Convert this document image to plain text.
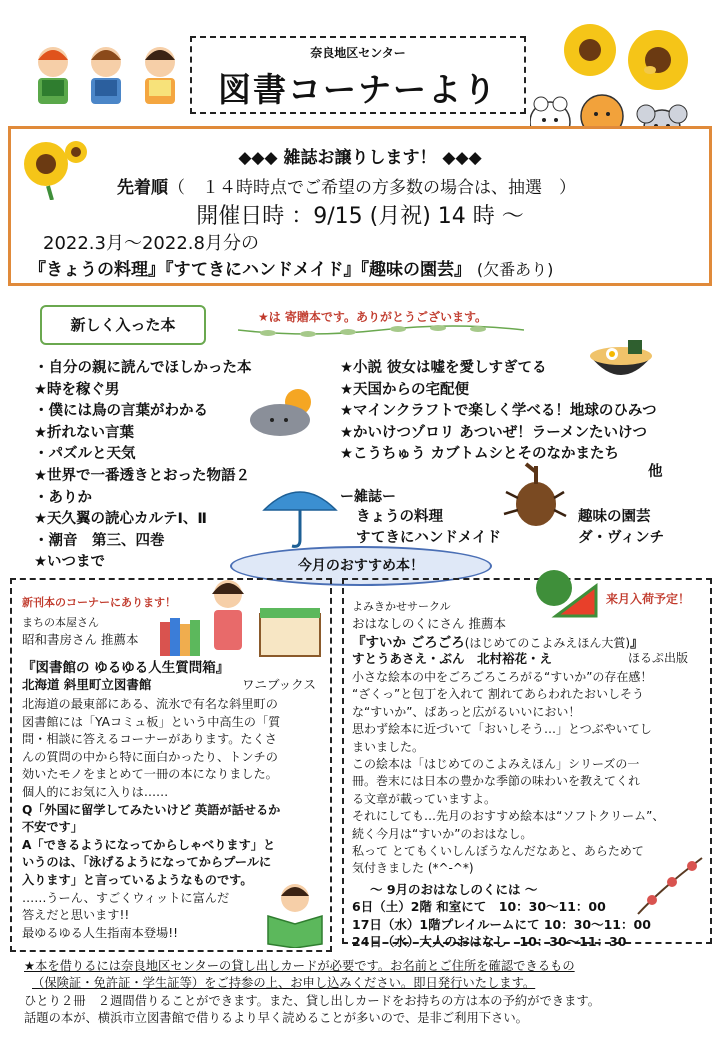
奈良地区センター
図書コーナーより
◆◆◆ 雑誌お譲りします！ ◆◆◆
先着順（　１４時時点でご希望の方多数の場合は、抽選　）
開催日時 ：9/15 (月祝) 14 時 ～
2022.3月～2022.8月分の
『きょうの料理』『すてきにハンドメイド』『趣味の園芸』 (欠番あり)
新しく入った本	★は 寄贈本です。ありがとうございます。
・自分の親に読んでほしかった本
★時を稼ぐ男
・僕には鳥の言葉がわかる
★折れない言葉
・パズルと天気
★世界で一番透きとおった物語２
・ありか
★天久翼の読心カルテⅠ、Ⅱ
・潮音　第三、四巻
★いつまで
★小説 彼女は嘘を愛しすぎてる
★天国からの宅配便
★マインクラフトで楽しく学べる！地球のひみつ
★かいけつゾロリ あついぜ！ラーメンたいけつ
★こうちゅう カブトムシとそのなかまたち
他
ー雑誌ー
きょうの料理	趣味の園芸
すてきにハンドメイド	ダ・ヴィンチ
今月のおすすめ本！
新刊本のコーナーにあります！
まちの本屋さん
昭和書房さん 推薦本
『図書館の ゆるゆる人生質問箱』
北海道 斜里町立図書館	ワニブックス
北海道の最東部にある、流氷で有名な斜里町の
図書館には「YAコミュ板」という中高生の「質
問・相談に答えるコーナーがあります。たくさ
んの質問の中から特に面白かったり、トンチの
効いたモノをまとめて一冊の本になりました。
個人的にお気に入りは……
Q「外国に留学してみたいけど 英語が話せるか
不安です」
A「できるようになってからしゃべります」と
いうのは、「泳げるようになってからプールに
入ります」と言っているようなものです。
……うーん、すごくウィットに富んだ
答えだと思います!!
最ゆるゆる人生指南本登場!!
よみきかせサークル
来月入荷予定！
おはなしのくにさん 推薦本
『すいか ごろごろ(はじめてのこよみえほん大賞)』
すとうあさえ・ぶん　北村裕花・え	ほるぷ出版
小さな絵本の中をごろごろころがる“すいか”の存在感！
“ざくっ”と包丁を入れて 割れてあらわれたおいしそう
な“すいか”、ぱあっと広がるいいにおい！
思わず絵本に近づいて「おいしそう…」とつぶやいてし
まいました。
この絵本は「はじめてのこよみえほん」シリーズの一
冊。巻末には日本の豊かな季節の味わいを教えてくれ
る文章が載っていますよ。
それにしても…先月のおすすめ絵本は“ソフトクリーム”、
続く今月は“すいか”のおはなし。
私って とてもくいしんぼうなんだなあと、あらためて
気付きました (*^-^*)
～ 9月のおはなしのくには ～
6日（土）2階 和室にて　10：30～11：00
17日（水）1階プレイルームにて 10：30～11：00
24日（水）大人のおはなし　10：30～11：30
★本を借りるには奈良地区センターの貸し出しカードが必要です。お名前とご住所を確認できるもの
（保険証・免許証・学生証等）をご持参の上、お申し込みください。即日発行いたします。
ひとり２冊　２週間借りることができます。また、貸し出しカードをお持ちの方は本の予約ができます。
話題の本が、横浜市立図書館で借りるより早く読めることが多いので、是非ご利用下さい。
